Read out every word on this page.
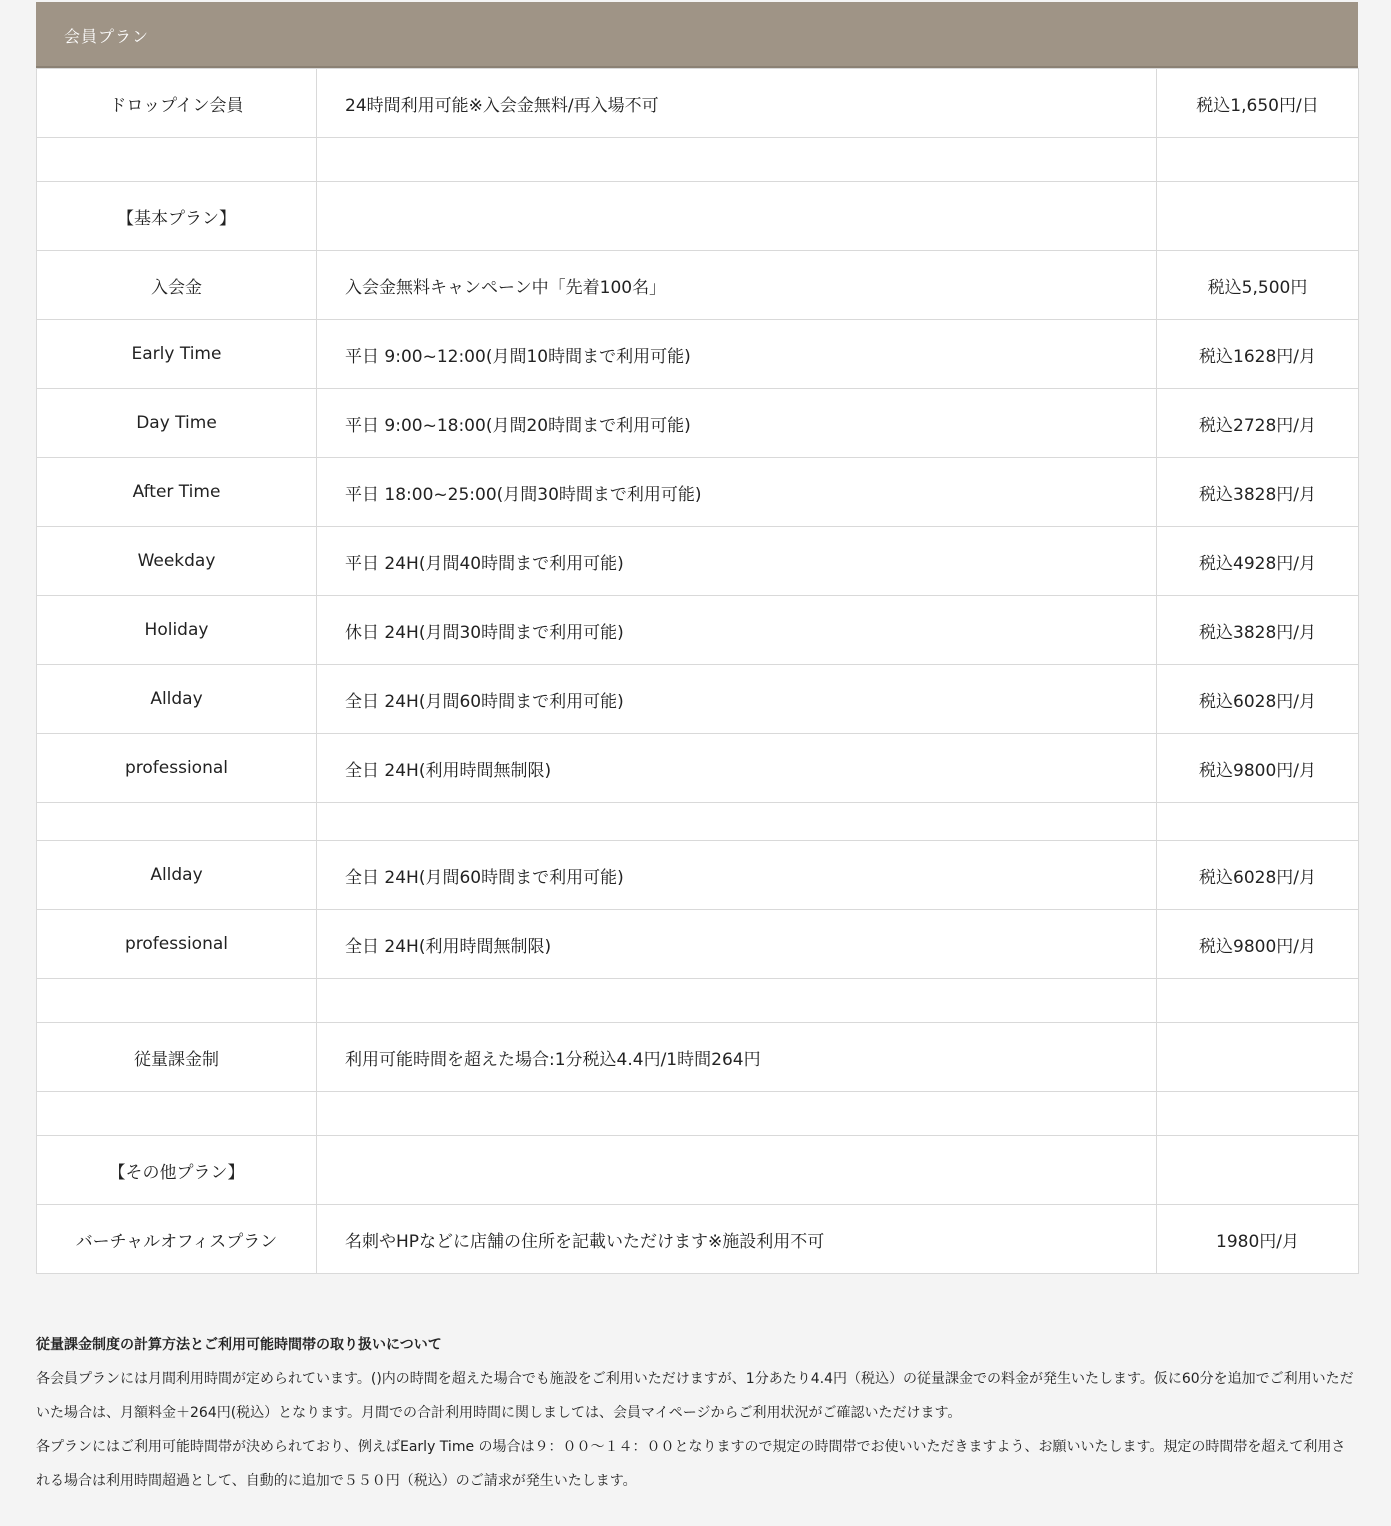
会員プラン
ドロップイン会員	24時間利用可能※入会金無料/再入場不可	税込1,650円/日

【基本プラン】		
入会金	入会金無料キャンペーン中「先着100名」	税込5,500円
Early Time	平日 9:00~12:00(月間10時間まで利用可能)	税込1628円/月
Day Time	平日 9:00~18:00(月間20時間まで利用可能)	税込2728円/月
After Time	平日 18:00~25:00(月間30時間まで利用可能)	税込3828円/月
Weekday	平日 24H(月間40時間まで利用可能)	税込4928円/月
Holiday	休日 24H(月間30時間まで利用可能)	税込3828円/月
Allday	全日 24H(月間60時間まで利用可能)	税込6028円/月
professional	全日 24H(利用時間無制限)	税込9800円/月

Allday	全日 24H(月間60時間まで利用可能)	税込6028円/月
professional	全日 24H(利用時間無制限)	税込9800円/月

従量課金制	利用可能時間を超えた場合:1分税込4.4円/1時間264円	

【その他プラン】		
バーチャルオフィスプラン	名刺やHPなどに店舗の住所を記載いただけます※施設利用不可	1980円/月
従量課金制度の計算方法とご利用可能時間帯の取り扱いについて

各会員プランには月間利用時間が定められています。()内の時間を超えた場合でも施設をご利用いただけますが、1分あたり4.4円（税込）の従量課金での料金が発生いたします。仮に60分を追加でご利用いただいた場合は、月額料金＋264円(税込）となります。月間での合計利用時間に関しましては、会員マイページからご利用状況がご確認いただけます。

各プランにはご利用可能時間帯が決められており、例えばEarly Time の場合は９：００～１４：００となりますので規定の時間帯でお使いいただきますよう、お願いいたします。規定の時間帯を超えて利用される場合は利用時間超過として、自動的に追加で５５０円（税込）のご請求が発生いたします。
